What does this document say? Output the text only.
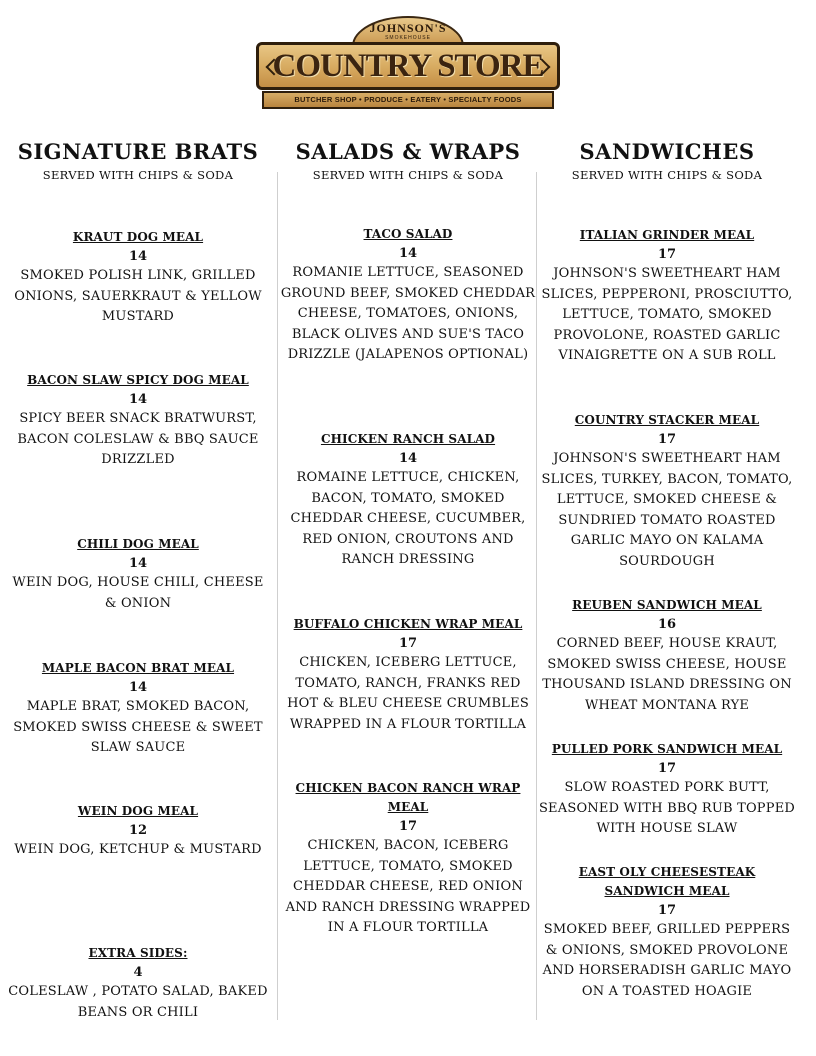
JOHNSON'S
SMOKEHOUSE
COUNTRY STORE
BUTCHER SHOP • PRODUCE • EATERY • SPECIALTY FOODS
SIGNATURE BRATS
SERVED WITH CHIPS & SODA
KRAUT DOG MEAL
14
SMOKED POLISH LINK, GRILLED ONIONS, SAUERKRAUT & YELLOW MUSTARD
BACON SLAW SPICY DOG MEAL
14
SPICY BEER SNACK BRATWURST, BACON COLESLAW & BBQ SAUCE DRIZZLED
CHILI DOG MEAL
14
WEIN DOG, HOUSE CHILI, CHEESE & ONION
MAPLE BACON BRAT MEAL
14
MAPLE BRAT, SMOKED BACON, SMOKED SWISS CHEESE & SWEET SLAW SAUCE
WEIN DOG MEAL
12
WEIN DOG, KETCHUP & MUSTARD
EXTRA SIDES:
4
COLESLAW , POTATO SALAD, BAKED BEANS OR CHILI
SALADS & WRAPS
SERVED WITH CHIPS & SODA
TACO SALAD
14
ROMANIE LETTUCE, SEASONED GROUND BEEF, SMOKED CHEDDAR CHEESE, TOMATOES, ONIONS, BLACK OLIVES AND SUE'S TACO DRIZZLE (JALAPENOS OPTIONAL)
CHICKEN RANCH SALAD
14
ROMAINE LETTUCE, CHICKEN, BACON, TOMATO, SMOKED CHEDDAR CHEESE, CUCUMBER, RED ONION, CROUTONS AND RANCH DRESSING
BUFFALO CHICKEN WRAP MEAL
17
CHICKEN, ICEBERG LETTUCE, TOMATO, RANCH, FRANKS RED HOT & BLEU CHEESE CRUMBLES WRAPPED IN A FLOUR TORTILLA
CHICKEN BACON RANCH WRAP MEAL
17
CHICKEN, BACON, ICEBERG LETTUCE, TOMATO, SMOKED CHEDDAR CHEESE, RED ONION AND RANCH DRESSING WRAPPED IN A FLOUR TORTILLA
SANDWICHES
SERVED WITH CHIPS & SODA
ITALIAN GRINDER MEAL
17
JOHNSON'S SWEETHEART HAM SLICES, PEPPERONI, PROSCIUTTO, LETTUCE, TOMATO, SMOKED PROVOLONE, ROASTED GARLIC VINAIGRETTE ON A SUB ROLL
COUNTRY STACKER MEAL
17
JOHNSON'S SWEETHEART HAM SLICES, TURKEY, BACON, TOMATO, LETTUCE, SMOKED CHEESE & SUNDRIED TOMATO ROASTED GARLIC MAYO ON KALAMA SOURDOUGH
REUBEN SANDWICH MEAL
16
CORNED BEEF, HOUSE KRAUT, SMOKED SWISS CHEESE, HOUSE THOUSAND ISLAND DRESSING ON WHEAT MONTANA RYE
PULLED PORK SANDWICH MEAL
17
SLOW ROASTED PORK BUTT, SEASONED WITH BBQ RUB TOPPED WITH HOUSE SLAW
EAST OLY CHEESESTEAK SANDWICH MEAL
17
SMOKED BEEF, GRILLED PEPPERS & ONIONS, SMOKED PROVOLONE AND HORSERADISH GARLIC MAYO ON A TOASTED HOAGIE
